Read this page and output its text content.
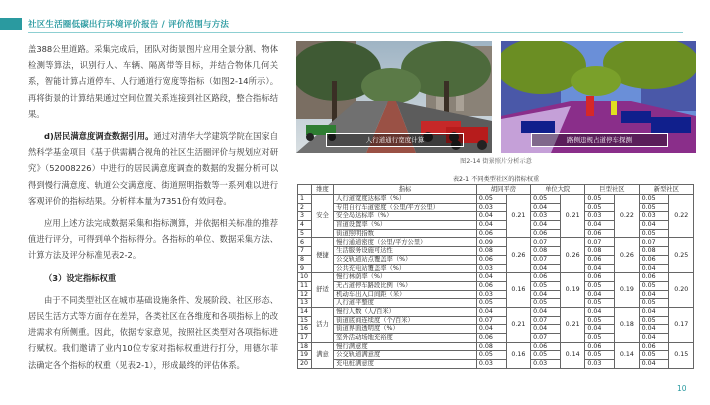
社区生活圈低碳出行环境评价报告 / 评价范围与方法

盖388公里道路。采集完成后，团队对街景图片应用全景分割、物体检测等算法，识别行人、车辆、隔离带等目标，并结合物体几何关系，智能计算占道停车、人行通道行宽度等指标（如图2-14所示）。再将街景的计算结果通过空间位置关系连接到社区路段，整合指标结果。

d)居民满意度调查数据引用。通过对清华大学建筑学院在国家自然科学基金项目《基于供需耦合视角的社区生活圈评价与规划应对研究》（52008226）中进行的居民满意度调查的数据的发掘分析可以得到慢行满意度、轨道公交满意度、街道照明指数等一系列难以进行客观评价的指标结果。分析样本量为7351份有效问卷。

应用上述方法完成数据采集和指标测算，并依据相关标准的推荐值进行评分，可得到单个指标得分。各指标的单位、数据采集方法、计算方法及评分标准见表2-2。

（3）设定指标权重

由于不同类型社区在城市基础设施条件、发展阶段、社区形态、居民生活方式等方面存在差异，各类社区在各维度和各项指标上的改进需求有所侧重。因此，依据专家意见，按照社区类型对各项指标进行赋权。我们邀请了业内10位专家对指标权重进行打分，用德尔菲法确定各个指标的权重（见表2-1），形成最终的评估体系。

人行道通行宽度计算	路侧违规占道停车探测
图2-14 街景照片分析示意
表2-1 不同类型社区的指标权重
	维度	指标	胡同平房		单位大院		巨型社区		新型社区	
1	安全	人行道宽度达标率（%）	0.05	0.21	0.05	0.21	0.05	0.22	0.05	0.22
2		专用自行车道密度（公里/平方公里）	0.03		0.04		0.05		0.05	
3		安全岛达标率（%）	0.04		0.03		0.03		0.03	
4		盲道设置率（%）	0.04		0.04		0.04		0.04	
5		街道照明指数	0.06		0.06		0.06		0.05	
6	便捷	慢行通道密度（公里/平方公里）	0.09	0.26	0.07	0.26	0.07	0.26	0.07	0.25
7		生活服务设施可达性	0.08		0.08		0.08		0.08	
8		公交轨道站点覆盖率（%）	0.06		0.07		0.06		0.06	
9		公共充电站覆盖率（%）	0.03		0.04		0.04		0.04	
10	舒适	慢行林荫率（%）	0.04	0.16	0.06	0.19	0.06	0.19	0.06	0.20
11		无占道停车路段比例（%）	0.06		0.05		0.05		0.05	
12		机动车出入口间距（米）	0.03		0.04		0.04		0.04	
13		人行道平整度	0.05		0.05		0.05		0.05	
14	活力	慢行人数（人/百米）	0.04	0.21	0.04	0.21	0.04	0.18	0.04	0.17
15		街道底商连续度（个/百米）	0.07		0.07		0.05		0.05	
16		街道界面透明度（%）	0.04		0.04		0.04		0.04	
17		室外活动场地充裕度	0.06		0.07		0.05		0.04	
18	满意	慢行满意度	0.08	0.16	0.06	0.14	0.06	0.14	0.06	0.15
19		公交轨道满意度	0.05		0.05		0.05		0.05	
20		充电桩满意度	0.03		0.03		0.03		0.04	
10
